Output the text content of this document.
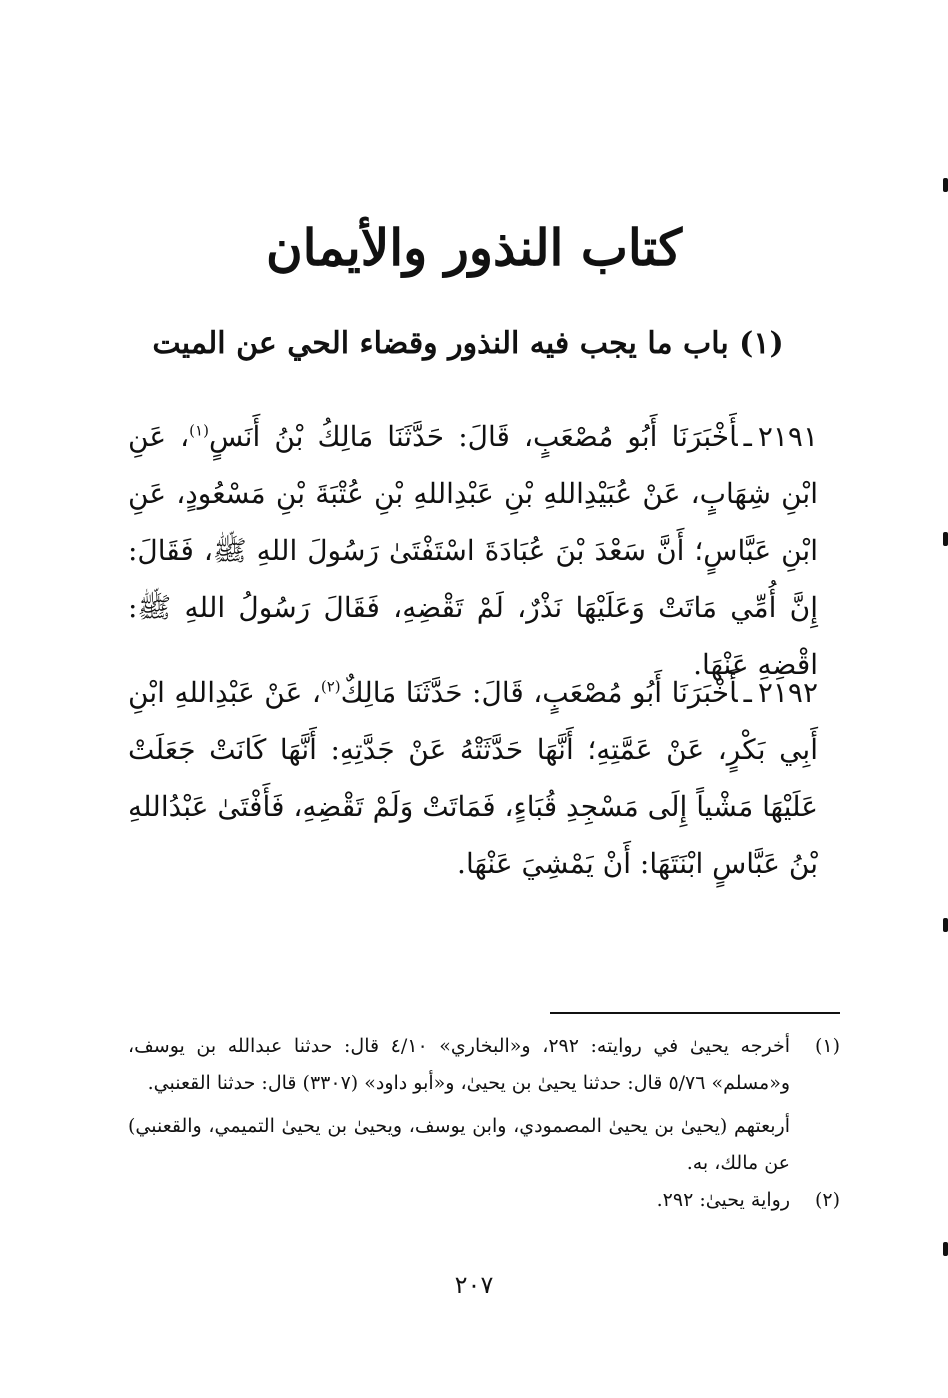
كتاب النذور والأيمان
(١) باب ما يجب فيه النذور وقضاء الحي عن الميت

٢١٩١ـأَخْبَرَنَا أَبُو مُصْعَبٍ، قَالَ: حَدَّثَنَا مَالِكُ بْنُ أَنَسٍ$^{(١)}$، عَنِ ابْنِ شِهَابٍ، عَنْ عُبَيْدِاللهِ بْنِ عَبْدِاللهِ بْنِ عُتْبَةَ بْنِ مَسْعُودٍ، عَنِ ابْنِ عَبَّاسٍ؛ أَنَّ سَعْدَ بْنَ عُبَادَةَ اسْتَفْتَىٰ رَسُولَ اللهِ ﷺ، فَقَالَ: إِنَّ أُمِّي مَاتَتْ وَعَلَيْهَا نَذْرٌ، لَمْ تَقْضِهِ، فَقَالَ رَسُولُ اللهِ ﷺ: اقْضِهِ عَنْهَا.

٢١٩٢ـأَخْبَرَنَا أَبُو مُصْعَبٍ، قَالَ: حَدَّثَنَا مَالِكٌ$^{(٢)}$، عَنْ عَبْدِاللهِ ابْنِ أَبِي بَكْرٍ، عَنْ عَمَّتِهِ؛ أَنَّهَا حَدَّثَتْهُ عَنْ جَدَّتِهِ: أَنَّهَا كَانَتْ جَعَلَتْ عَلَيْهَا مَشْياً إِلَى مَسْجِدِ قُبَاءٍ، فَمَاتَتْ وَلَمْ تَقْضِهِ، فَأَفْتَىٰ عَبْدُاللهِ بْنُ عَبَّاسٍ ابْنَتَهَا: أَنْ يَمْشِيَ عَنْهَا.

(١)

أخرجه يحيىٰ في روايته: ٢٩٢، و«البخاري» ٤/١٠ قال: حدثنا عبدالله بن يوسف، و«مسلم» ٥/٧٦ قال: حدثنا يحيىٰ بن يحيىٰ، و«أبو داود» (٣٣٠٧) قال: حدثنا القعنبي.

أربعتهم (يحيىٰ بن يحيىٰ المصمودي، وابن يوسف، ويحيىٰ بن يحيىٰ التميمي، والقعنبي) عن مالك، به.

(٢)

رواية يحيىٰ: ٢٩٢.

٢٠٧
